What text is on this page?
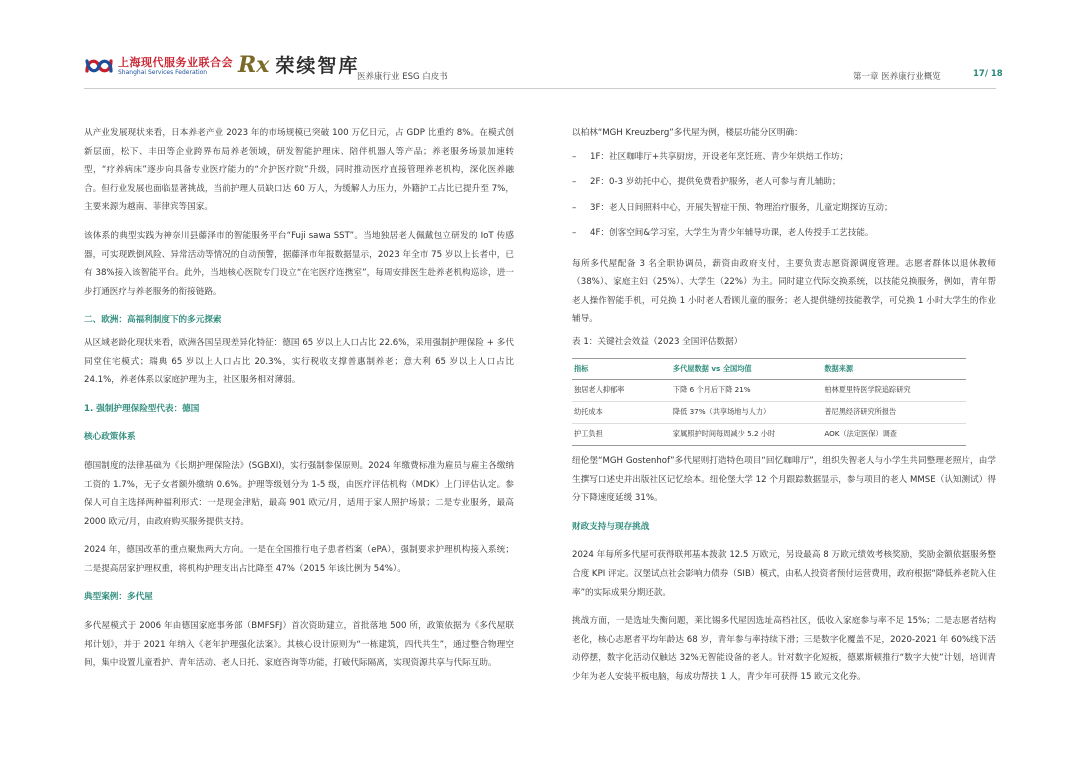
上海现代服务业联合会
Shanghai Services Federation	Rx 荣续智库
医养康行业 ESG 白皮书	第一章 医养康行业概览	17/ 18

从产业发展现状来看，日本养老产业 2023 年的市场规模已突破 100 万亿日元，占 GDP 比重约 8%。在模式创新层面，松下、丰田等企业跨界布局养老领域，研发智能护理床、陪伴机器人等产品；养老服务场景加速转型，“疗养病床”逐步向具备专业医疗能力的“介护医疗院”升级，同时推动医疗直接管理养老机构，深化医养融合。但行业发展也面临显著挑战，当前护理人员缺口达 60 万人，为缓解人力压力，外籍护工占比已提升至 7%，主要来源为越南、菲律宾等国家。

该体系的典型实践为神奈川县藤泽市的智能服务平台“Fuji sawa SST”。当地独居老人佩戴包立研发的 IoT 传感器，可实现跌倒风险、异常活动等情况的自动预警，据藤泽市年报数据显示，2023 年全市 75 岁以上长者中，已有 38%接入该智能平台。此外，当地核心医院专门设立“在宅医疗连携室”，每周安排医生赴养老机构巡诊，进一步打通医疗与养老服务的衔接链路。

二、欧洲：高福利制度下的多元探索

从区域老龄化现状来看，欧洲各国呈现差异化特征：德国 65 岁以上人口占比 22.6%，采用强制护理保险 + 多代同堂住宅模式；瑞典 65 岁以上人口占比 20.3%，实行税收支撑普惠制养老；意大利 65 岁以上人口占比 24.1%，养老体系以家庭护理为主，社区服务相对薄弱。

1. 强制护理保险型代表：德国
核心政策体系

德国制度的法律基础为《长期护理保险法》(SGBXI)，实行强制参保原则。2024 年缴费标准为雇员与雇主各缴纳工资的 1.7%，无子女者额外缴纳 0.6%。护理等级划分为 1-5 级，由医疗评估机构（MDK）上门评估认定。参保人可自主选择两种福利形式：一是现金津贴，最高 901 欧元/月，适用于家人照护场景；二是专业服务，最高 2000 欧元/月，由政府购买服务提供支持。

2024 年，德国改革的重点聚焦两大方向。一是在全国推行电子患者档案（ePA），强制要求护理机构接入系统；二是提高居家护理权重，将机构护理支出占比降至 47%（2015 年该比例为 54%）。

典型案例：多代屋

多代屋模式于 2006 年由德国家庭事务部（BMFSFJ）首次资助建立，首批落地 500 所，政策依据为《多代屋联邦计划》，并于 2021 年纳入《老年护理强化法案》。其核心设计原则为“一栋建筑，四代共生”，通过整合物理空间，集中设置儿童看护、青年活动、老人日托、家庭咨询等功能，打破代际隔离，实现资源共享与代际互助。

以柏林“MGH Kreuzberg”多代屋为例，楼层功能分区明确：

–	1F：社区咖啡厅+共享厨房，开设老年烹饪班、青少年烘焙工作坊；
–	2F：0-3 岁幼托中心，提供免费看护服务，老人可参与育儿辅助；
–	3F：老人日间照料中心，开展失智症干预、物理治疗服务，儿童定期探访互动；
–	4F：创客空间&学习室，大学生为青少年辅导功课，老人传授手工艺技能。

每所多代屋配备 3 名全职协调员，薪资由政府支付，主要负责志愿资源调度管理。志愿者群体以退休教师（38%）、家庭主妇（25%）、大学生（22%）为主。同时建立代际交换系统，以技能兑换服务，例如，青年帮老人操作智能手机，可兑换 1 小时老人看顾儿童的服务；老人提供缝纫技能教学，可兑换 1 小时大学生的作业辅导。

表 1：关键社会效益（2023 全国评估数据）
指标	多代屋数据 vs 全国均值	数据来源
独居老人抑郁率	下降 6 个月后下降 21%	柏林夏里特医学院追踪研究
幼托成本	降低 37%（共享场地与人力）	普尼黑经济研究所报告
护工负担	家属照护时间每周减少 5.2 小时	AOK（法定医保）调查

纽伦堡“MGH Gostenhof”多代屋则打造特色项目“回忆咖啡厅”，组织失智老人与小学生共同整理老照片，由学生撰写口述史并出版社区记忆绘本。纽伦堡大学 12 个月跟踪数据显示，参与项目的老人 MMSE（认知测试）得分下降速度延缓 31%。

财政支持与现存挑战

2024 年每所多代屋可获得联邦基本拨款 12.5 万欧元，另设最高 8 万欧元绩效考核奖励，奖励金额依据服务整合度 KPI 评定。汉堡试点社会影响力债券（SIB）模式，由私人投资者预付运营费用，政府根据“降低养老院入住率”的实际成果分期还款。

挑战方面，一是选址失衡问题，莱比锡多代屋因选址高档社区，低收入家庭参与率不足 15%；二是志愿者结构老化，核心志愿者平均年龄达 68 岁，青年参与率持续下滑；三是数字化覆盖不足，2020-2021 年 60%线下活动停摆，数字化活动仅触达 32%无智能设备的老人。针对数字化短板，德累斯顿推行“数字大使”计划，培训青少年为老人安装平板电脑，每成功帮扶 1 人，青少年可获得 15 欧元文化券。
